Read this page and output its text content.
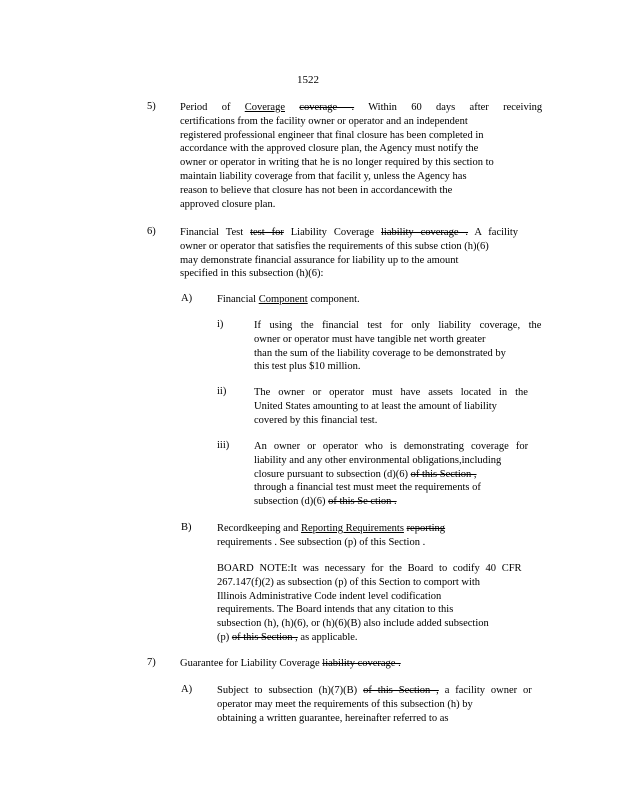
1522
5) Period of Coverage coverage . Within 60 days after receiving
certifications from the facility owner or operator and an independent
registered professional engineer that final closure has been completed in
accordance with the approved closure plan, the Agency must notify the
owner or operator in writing that he is no longer required by this section to
maintain liability coverage from that facilit y, unless the Agency has
reason to believe that closure has not been in accordancewith the
approved closure plan.
6) Financial Test test for Liability Coverage liability coverage . A facility
owner or operator that satisfies the requirements of this subse ction (h)(6)
may demonstrate financial assurance for liability up to the amount
specified in this subsection (h)(6):
A) Financial Component component.
i)	If using the financial test for only liability coverage, the
owner or operator must have tangible net worth greater
than the sum of the liability coverage to be demonstrated by
this test plus $10 million.
ii)	The owner or operator must have assets located in the
United States amounting to at least the amount of liability
covered by this financial test.
iii) An owner or operator who is demonstrating coverage for
liability and any other environmental obligations,including
closure pursuant to subsection (d)(6) of this Section ,
through a financial test must meet the requirements of
subsection (d)(6) of this Se ction .
B) Recordkeeping and Reporting Requirements reporting
requirements . See subsection (p) of this Section .
BOARD NOTE:It was necessary for the Board to codify 40 CFR
267.147(f)(2) as subsection (p) of this Section to comport with
Illinois Administrative Code indent level codification
requirements. The Board intends that any citation to this
subsection (h), (h)(6), or (h)(6)(B) also include added subsection
(p) of this Section , as applicable.
7) Guarantee for Liability Coverage liability coverage .
A) Subject to subsection (h)(7)(B) of this Section , a facility owner or
operator may meet the requirements of this subsection (h) by
obtaining a written guarantee, hereinafter referred to as
